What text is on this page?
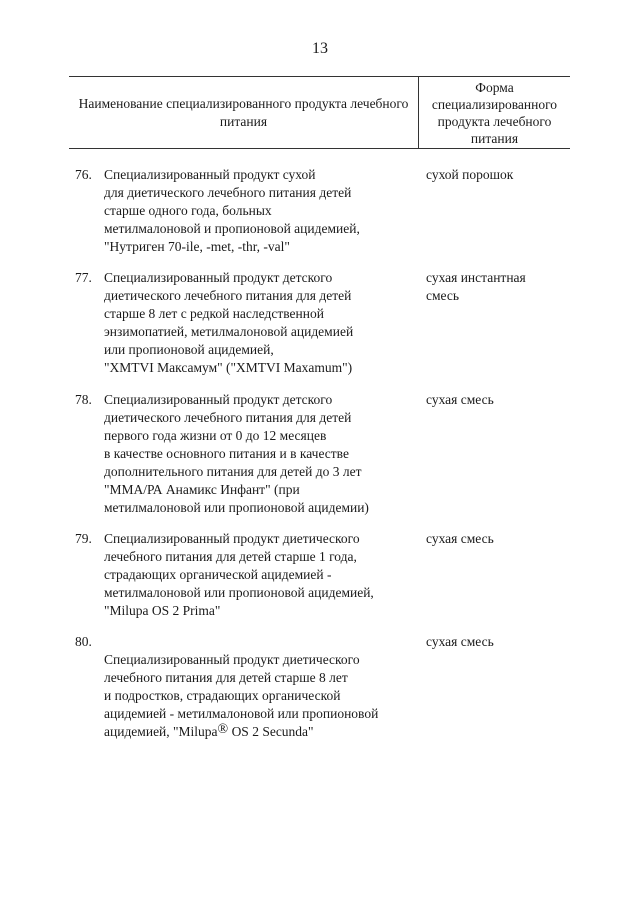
13
Наименование специализированного продукта лечебного питания
Форма специализированного продукта лечебного питания
76. Специализированный продукт сухой
для диетического лечебного питания детей
старше одного года, больных
метилмалоновой и пропионовой ацидемией,
"Нутриген 70-ile, -met, -thr, -val"
сухой порошок
77. Специализированный продукт детского
диетического лечебного питания для детей
старше 8 лет с редкой наследственной
энзимопатией, метилмалоновой ацидемией
или пропионовой ацидемией,
"ХМТVI Максамум" ("XMTVI Maxamum")
сухая инстантная
смесь
78. Специализированный продукт детского
диетического лечебного питания для детей
первого года жизни от 0 до 12 месяцев
в качестве основного питания и в качестве
дополнительного питания для детей до 3 лет
"ММА/РА Анамикс Инфант" (при
метилмалоновой или пропионовой ацидемии)
сухая смесь
79. Специализированный продукт диетического
лечебного питания для детей старше 1 года,
страдающих органической ацидемией -
метилмалоновой или пропионовой ацидемией,
"Milupa OS 2 Prima"
сухая смесь
80.

Специализированный продукт диетического
лечебного питания для детей старше 8 лет
и подростков, страдающих органической
ацидемией - метилмалоновой или пропионовой
ацидемией, "Milupa® OS 2 Secunda"

сухая смесь
